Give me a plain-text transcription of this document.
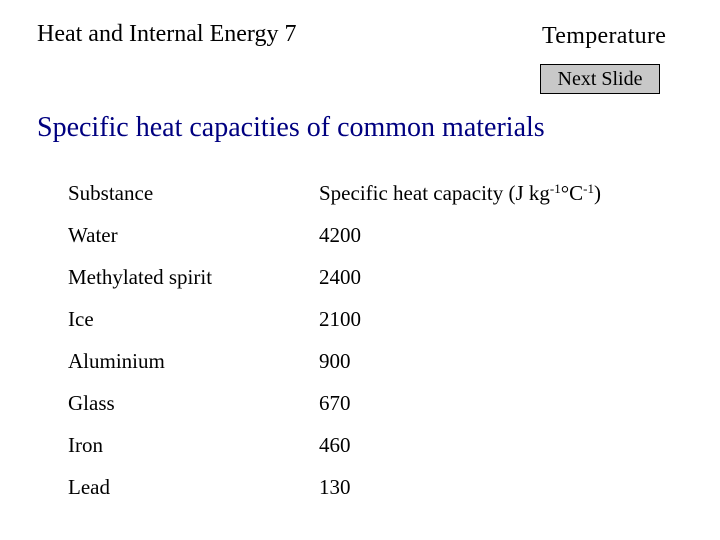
Heat and Internal Energy 7	Temperature
Next Slide
Specific heat capacities of common materials
Substance	Specific heat capacity (J $kg^{-1}^\circ C^{-1}$)
Water	4200
Methylated spirit	2400
Ice	2100
Aluminium	900
Glass	670
Iron	460
Lead	130
